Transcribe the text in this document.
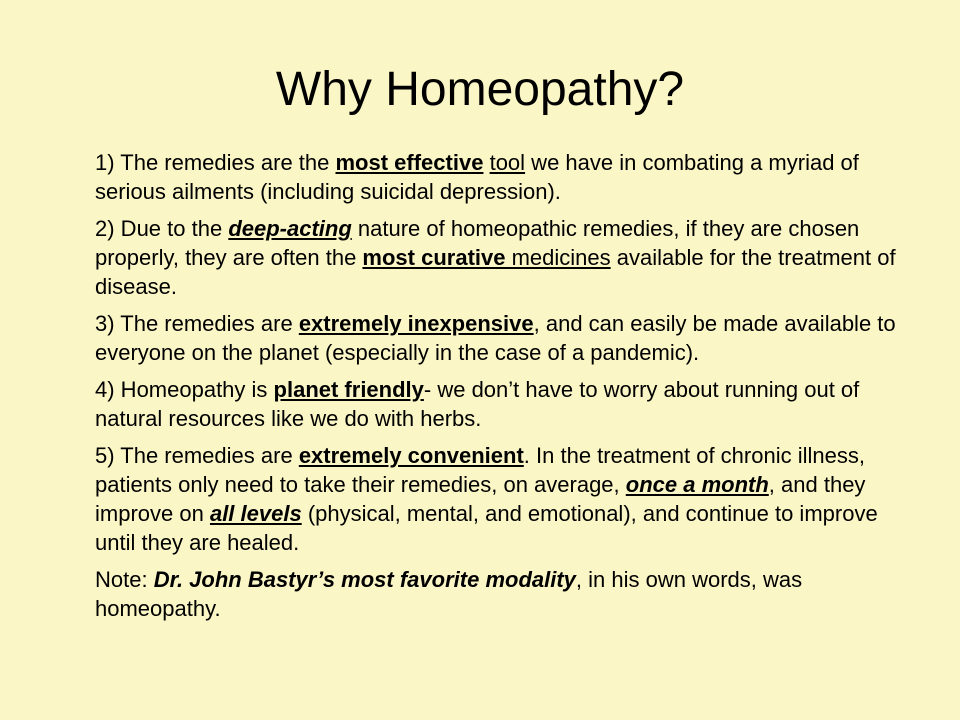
Why Homeopathy?

1) The remedies are the most effective tool we have in combating a myriad of serious ailments (including suicidal depression).

2) Due to the deep-acting nature of homeopathic remedies, if they are chosen properly, they are often the most curative medicines available for the treatment of disease.

3) The remedies are extremely inexpensive, and can easily be made available to everyone on the planet (especially in the case of a pandemic).

4) Homeopathy is planet friendly- we don’t have to worry about running out of natural resources like we do with herbs.

5) The remedies are extremely convenient. In the treatment of chronic illness, patients only need to take their remedies, on average, once a month, and they improve on all levels (physical, mental, and emotional), and continue to improve until they are healed.

Note: Dr. John Bastyr’s most favorite modality, in his own words, was homeopathy.
